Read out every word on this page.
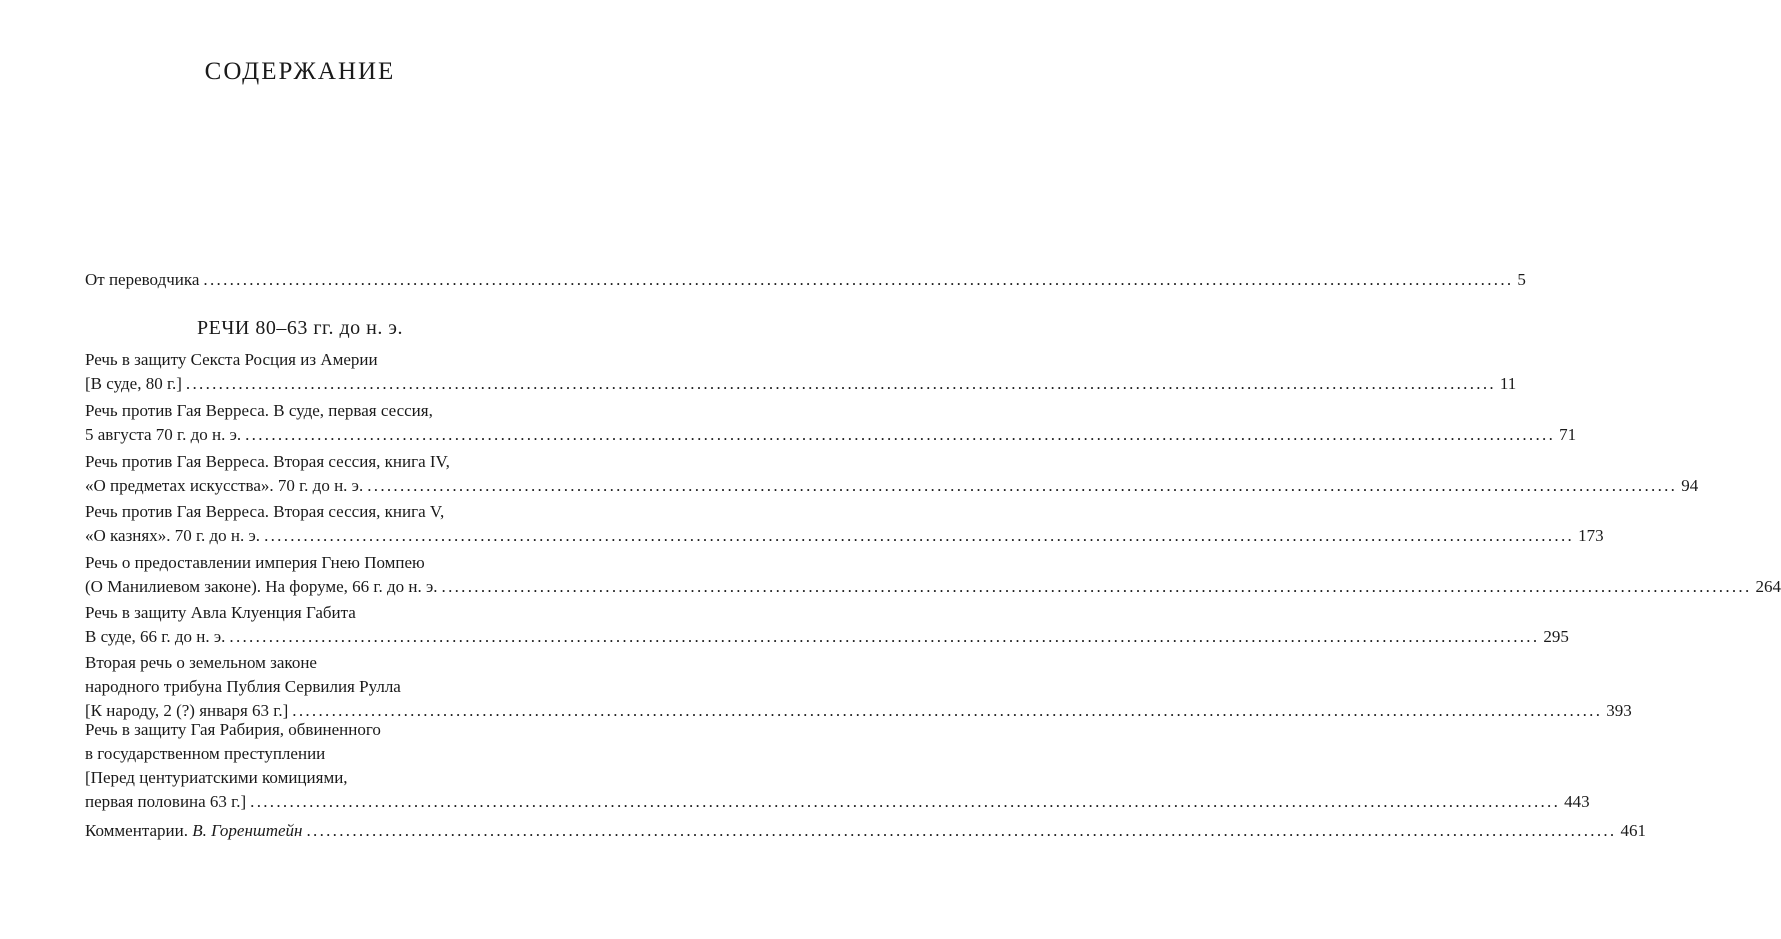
СОДЕРЖАНИЕ
От переводчика ........................................................................................................................................................................................................ 5
РЕЧИ 80–63 гг. до н. э.
Речь в защиту Секста Росция из Америи
[В суде, 80 г.] ........................................................................................................................................................................................................ 11
Речь против Гая Верреса. В суде, первая сессия,
5 августа 70 г. до н. э. ........................................................................................................................................................................................................ 71
Речь против Гая Верреса. Вторая сессия, книга IV,
«О предметах искусства». 70 г. до н. э. ........................................................................................................................................................................................................ 94
Речь против Гая Верреса. Вторая сессия, книга V,
«О казнях». 70 г. до н. э. ........................................................................................................................................................................................................ 173
Речь о предоставлении империя Гнею Помпею
(О Манилиевом законе). На форуме, 66 г. до н. э. ........................................................................................................................................................................................................ 264
Речь в защиту Авла Клуенция Габита
В суде, 66 г. до н. э. ........................................................................................................................................................................................................ 295
Вторая речь о земельном законе
народного трибуна Публия Сервилия Рулла
[К народу, 2 (?) января 63 г.] ........................................................................................................................................................................................................ 393
Речь в защиту Гая Рабирия, обвиненного
в государственном преступлении
[Перед центуриатскими комициями,
первая половина 63 г.] ........................................................................................................................................................................................................ 443
Комментарии. В. Горенштейн ........................................................................................................................................................................................................ 461
